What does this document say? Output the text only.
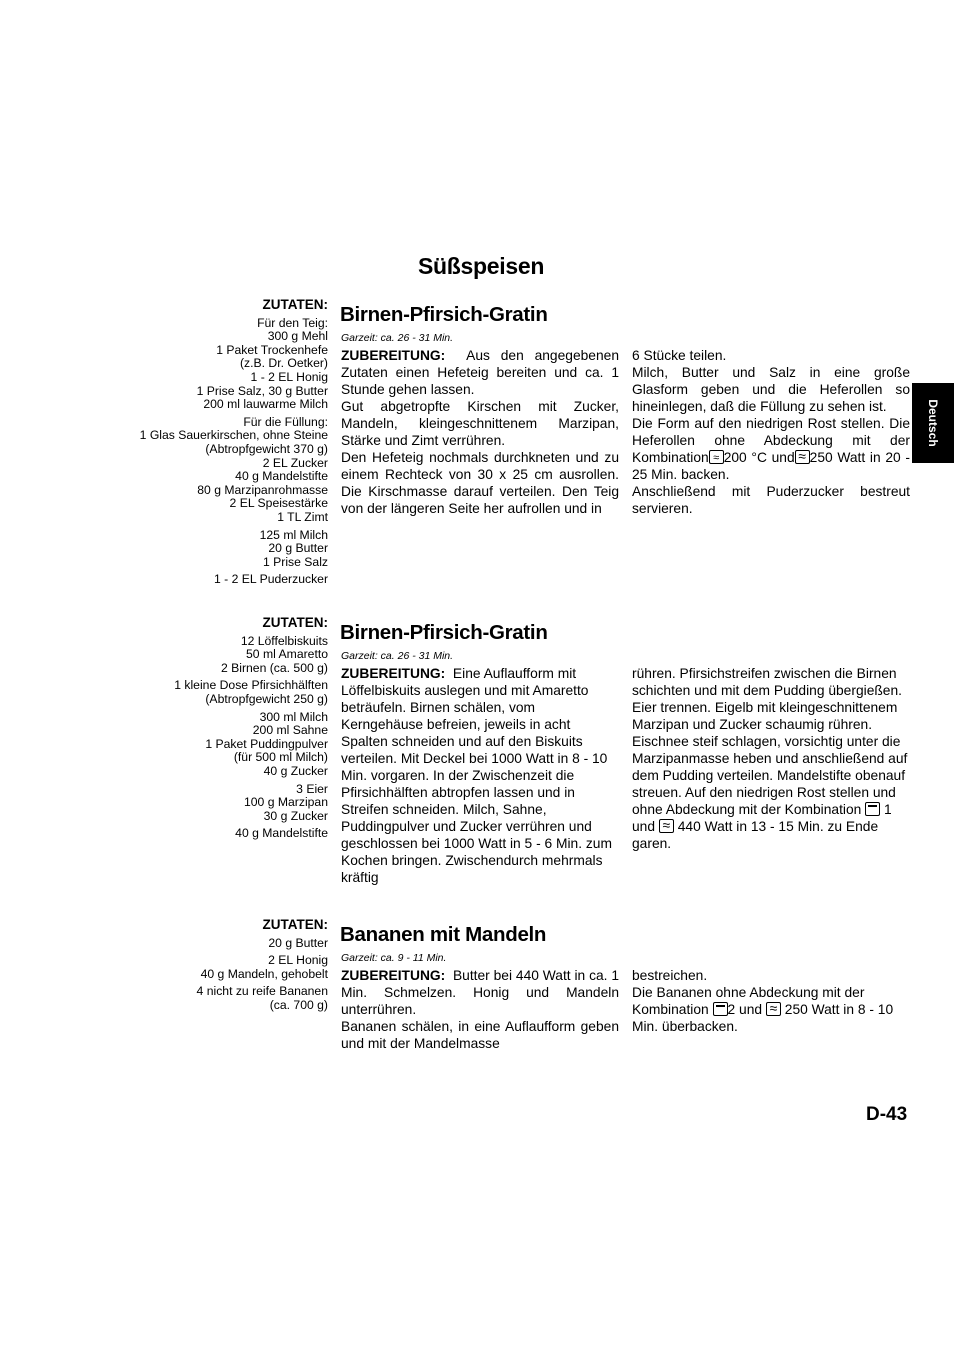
Süßspeisen
Deutsch
ZUTATEN:
Für den Teig:
300 g Mehl
1 Paket Trockenhefe
(z.B. Dr. Oetker)
1 - 2 EL Honig
1 Prise Salz, 30 g Butter
200 ml lauwarme Milch
Für die Füllung:
1 Glas Sauerkirschen, ohne Steine
(Abtropfgewicht 370 g)
2 EL Zucker
40 g Mandelstifte
80 g Marzipanrohmasse
2 EL Speisestärke
1 TL Zimt
125 ml Milch
20 g Butter
1 Prise Salz
1 - 2 EL Puderzucker
Birnen-Pfirsich-Gratin
Garzeit: ca. 26 - 31 Min.

ZUBEREITUNG: Aus den angegebenen Zutaten einen Hefeteig bereiten und ca. 1 Stunde gehen lassen.

Gut abgetropfte Kirschen mit Zucker, Mandeln, kleingeschnittenem Marzipan, Stärke und Zimt verrühren.

Den Hefeteig nochmals durchkneten und zu einem Rechteck von 30 x 25 cm ausrollen. Die Kirschmasse darauf verteilen. Den Teig von der längeren Seite her aufrollen und in

6 Stücke teilen.

Milch, Butter und Salz in eine große Glasform geben und die Heferollen so hineinlegen, daß die Füllung zu sehen ist.

Die Form auf den niedrigen Rost stellen. Die Heferollen ohne Abdeckung mit der Kombination ≈ 200 °C und ≈ 250 Watt in 20 - 25 Min. backen.

Anschließend mit Puderzucker bestreut servieren.

ZUTATEN:
12 Löffelbiskuits
50 ml Amaretto
2 Birnen (ca. 500 g)
1 kleine Dose Pfirsichhälften
(Abtropfgewicht 250 g)
300 ml Milch
200 ml Sahne
1 Paket Puddingpulver
(für 500 ml Milch)
40 g Zucker
3 Eier
100 g Marzipan
30 g Zucker
40 g Mandelstifte
Birnen-Pfirsich-Gratin
Garzeit: ca. 26 - 31 Min.

ZUBEREITUNG: Eine Auflaufform mit Löffelbiskuits auslegen und mit Amaretto beträufeln. Birnen schälen, vom Kerngehäuse befreien, jeweils in acht Spalten schneiden und auf den Biskuits verteilen. Mit Deckel bei 1000 Watt in 8 - 10 Min. vorgaren. In der Zwischenzeit die Pfirsichhälften abtropfen lassen und in Streifen schneiden. Milch, Sahne, Puddingpulver und Zucker verrühren und geschlossen bei 1000 Watt in 5 - 6 Min. zum Kochen bringen. Zwischendurch mehrmals kräftig

rühren. Pfirsichstreifen zwischen die Birnen schichten und mit dem Pudding übergießen. Eier trennen. Eigelb mit kleingeschnittenem Marzipan und Zucker schaumig rühren. Eischnee steif schlagen, vorsichtig unter die Marzipanmasse heben und anschließend auf dem Pudding verteilen. Mandelstifte obenauf streuen. Auf den niedrigen Rost stellen und ohne Abdeckung mit der Kombination 1 und ≈ 440 Watt in 13 - 15 Min. zu Ende garen.

ZUTATEN:
20 g Butter
2 EL Honig
40 g Mandeln, gehobelt
4 nicht zu reife Bananen
(ca. 700 g)
Bananen mit Mandeln
Garzeit: ca. 9 - 11 Min.

ZUBEREITUNG: Butter bei 440 Watt in ca. 1 Min. Schmelzen. Honig und Mandeln unterrühren.

Bananen schälen, in eine Auflaufform geben und mit der Mandelmasse

bestreichen.

Die Bananen ohne Abdeckung mit der Kombination 2 und ≈ 250 Watt in 8 - 10 Min. überbacken.

D-43
